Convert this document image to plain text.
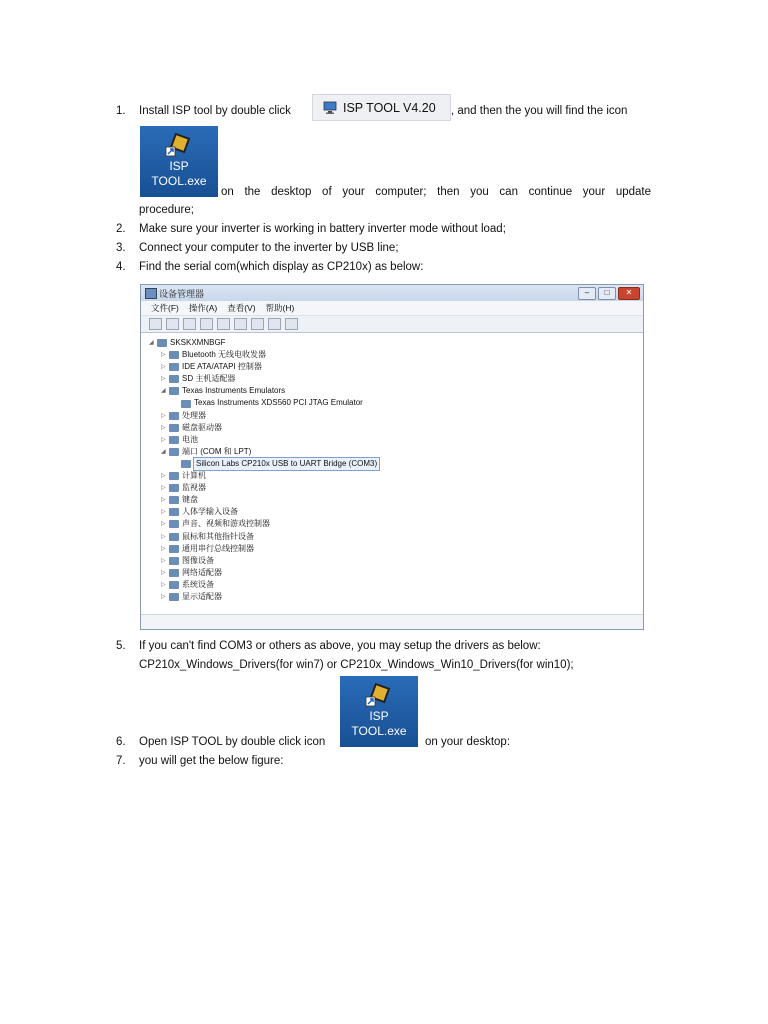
1. Install ISP tool by double click	ISP TOOL V4.20 , and then the you will find the icon
ISP
TOOL.exe
on the desktop of your computer; then you can continue your update
procedure;
2. Make sure your inverter is working in battery inverter mode without load;
3. Connect your computer to the inverter by USB line;
4. Find the serial com(which display as CP210x) as below:
设备管理器	–	□	✕
文件(F) 操作(A) 查看(V) 帮助(H)
◢	SKSKXMNBGF
▷	Bluetooth 无线电收发器
▷	IDE ATA/ATAPI 控制器
▷	SD 主机适配器
◢	Texas Instruments Emulators
Texas Instruments XDS560 PCI JTAG Emulator
▷	处理器
▷	磁盘驱动器
▷	电池
◢	端口 (COM 和 LPT)
Silicon Labs CP210x USB to UART Bridge (COM3)
▷	计算机
▷	监视器
▷	键盘
▷	人体学输入设备
▷	声音、视频和游戏控制器
▷	鼠标和其他指针设备
▷	通用串行总线控制器
▷	图像设备
▷	网络适配器
▷	系统设备
▷	显示适配器
5. If you can't find COM3 or others as above, you may setup the drivers as below:
CP210x_Windows_Drivers(for win7) or CP210x_Windows_Win10_Drivers(for win10);
ISP
TOOL.exe
6. Open ISP TOOL by double click icon	on your desktop:
7. you will get the below figure:
